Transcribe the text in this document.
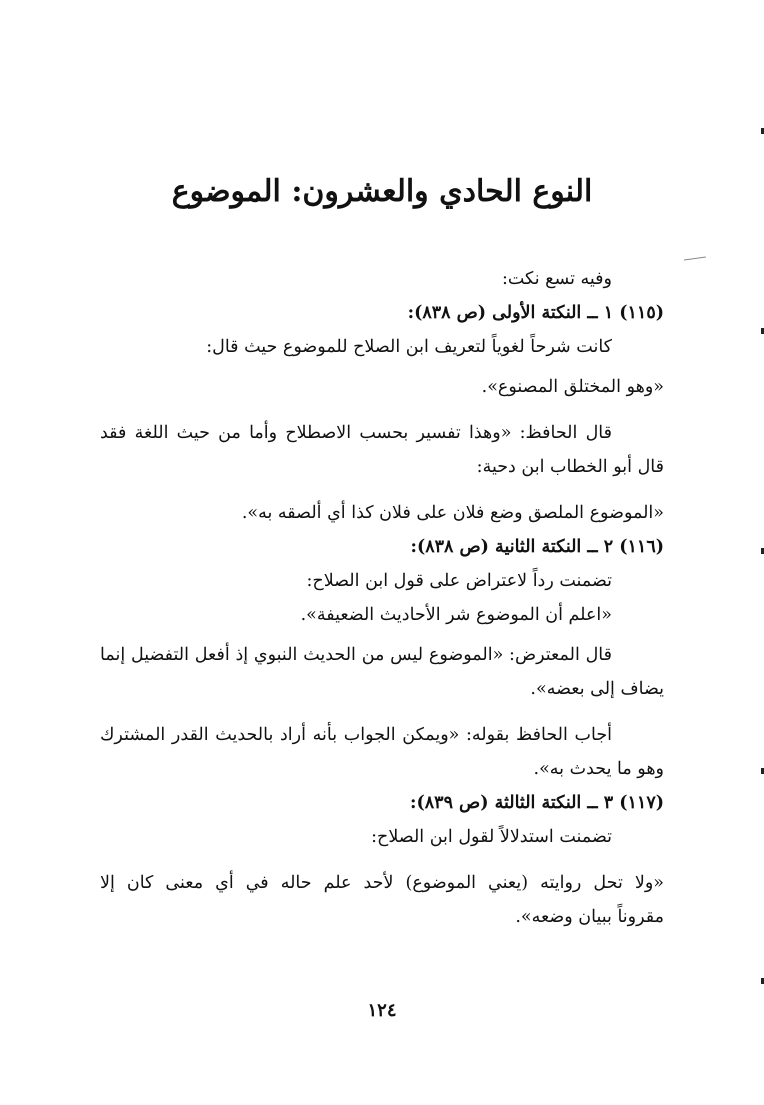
النوع الحادي والعشرون: الموضوع
وفيه تسع نكت:
(١١٥) ١ ــ النكتة الأولى (ص ٨٣٨):
كانت شرحاً لغوياً لتعريف ابن الصلاح للموضوع حيث قال:
«وهو المختلق المصنوع».
قال الحافظ: «وهذا تفسير بحسب الاصطلاح وأما من حيث اللغة فقد
قال أبو الخطاب ابن دحية:
«الموضوع الملصق وضع فلان على فلان كذا أي ألصقه به».
(١١٦) ٢ ــ النكتة الثانية (ص ٨٣٨):
تضمنت رداً لاعتراض على قول ابن الصلاح:
«اعلم أن الموضوع شر الأحاديث الضعيفة».
قال المعترض: «الموضوع ليس من الحديث النبوي إذ أفعل التفضيل إنما
يضاف إلى بعضه».
أجاب الحافظ بقوله: «ويمكن الجواب بأنه أراد بالحديث القدر المشترك
وهو ما يحدث به».
(١١٧) ٣ ــ النكتة الثالثة (ص ٨٣٩):
تضمنت استدلالاً لقول ابن الصلاح:
«ولا تحل روايته (يعني الموضوع) لأحد علم حاله في أي معنى كان إلا
مقروناً ببيان وضعه».

١٢٤
